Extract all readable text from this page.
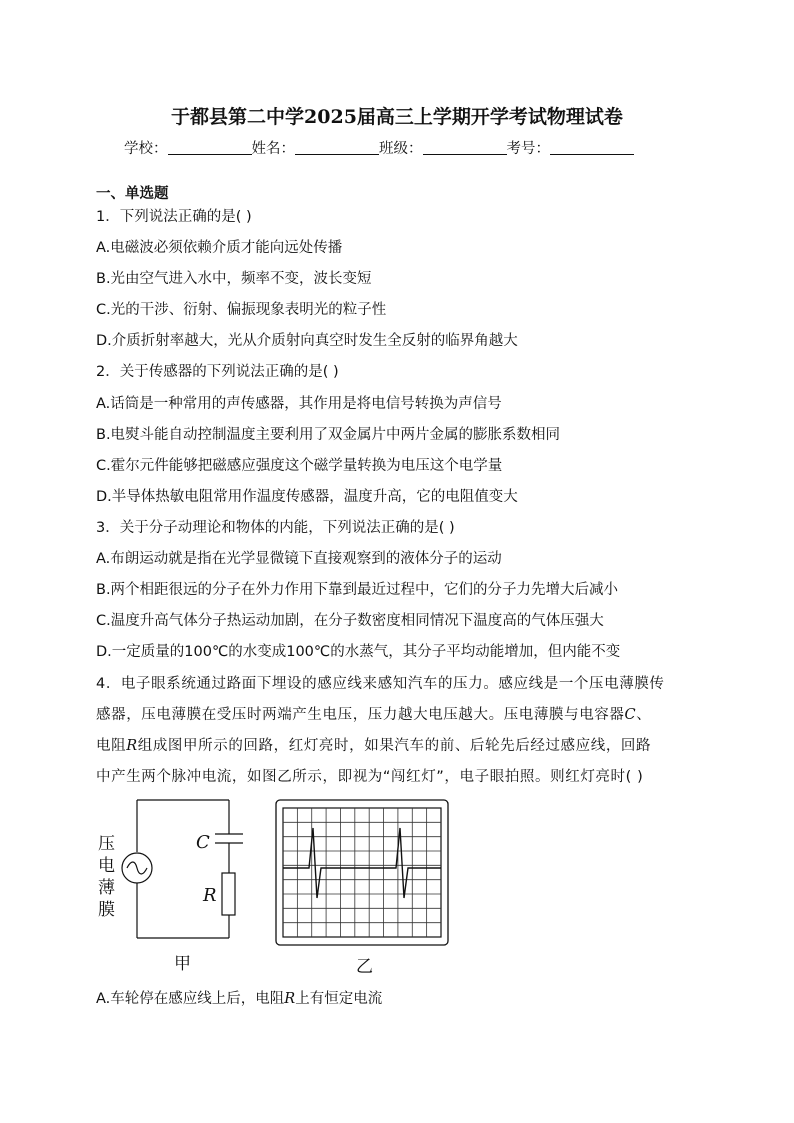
于都县第二中学2025届高三上学期开学考试物理试卷
学校：	姓名：	班级：	考号：
一、单选题
1．下列说法正确的是( )
A.电磁波必须依赖介质才能向远处传播
B.光由空气进入水中，频率不变，波长变短
C.光的干涉、衍射、偏振现象表明光的粒子性
D.介质折射率越大，光从介质射向真空时发生全反射的临界角越大
2．关于传感器的下列说法正确的是( )
A.话筒是一种常用的声传感器，其作用是将电信号转换为声信号
B.电熨斗能自动控制温度主要利用了双金属片中两片金属的膨胀系数相同
C.霍尔元件能够把磁感应强度这个磁学量转换为电压这个电学量
D.半导体热敏电阻常用作温度传感器，温度升高，它的电阻值变大
3．关于分子动理论和物体的内能，下列说法正确的是( )
A.布朗运动就是指在光学显微镜下直接观察到的液体分子的运动
B.两个相距很远的分子在外力作用下靠到最近过程中，它们的分子力先增大后减小
C.温度升高气体分子热运动加剧，在分子数密度相同情况下温度高的气体压强大
D.一定质量的100℃的水变成100℃的水蒸气，其分子平均动能增加，但内能不变
4．电子眼系统通过路面下埋设的感应线来感知汽车的压力。感应线是一个压电薄膜传
感器，压电薄膜在受压时两端产生电压，压力越大电压越大。压电薄膜与电容器C、
电阻R组成图甲所示的回路，红灯亮时，如果汽车的前、后轮先后经过感应线，回路
中产生两个脉冲电流，如图乙所示，即视为“闯红灯”，电子眼拍照。则红灯亮时( )
压
电
薄
膜
C
R
甲	乙
A.车轮停在感应线上后，电阻R上有恒定电流
